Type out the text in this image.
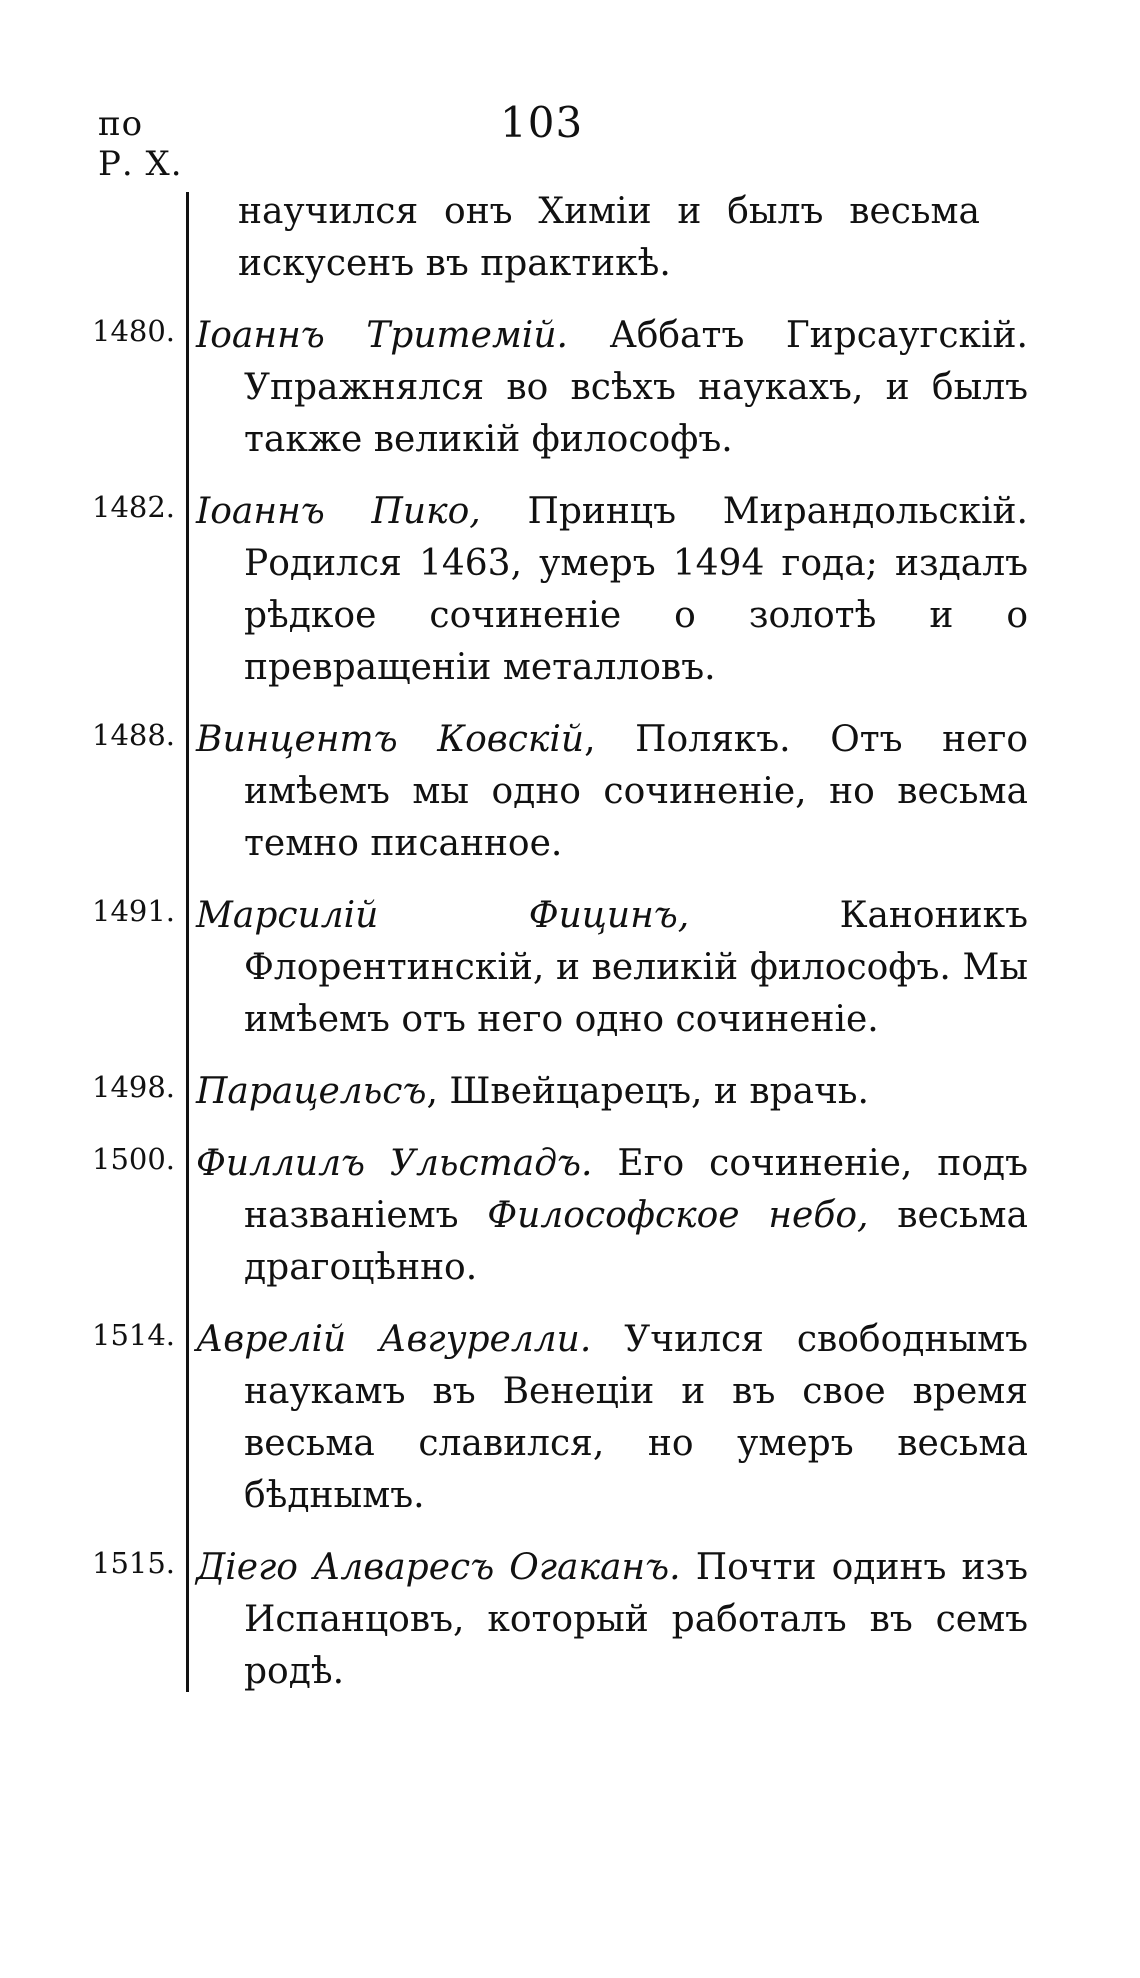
по
Р. Х.
103
научился онъ Химіи и былъ весьма искусенъ въ практикѣ.
1480. Іоаннъ Тритемій. Аббатъ Гирсаугскій. Упражнялся во всѣхъ наукахъ, и былъ также великій философъ.
1482. Іоаннъ Пико, Принцъ Мирандольскій. Родился 1463, умеръ 1494 года; издалъ рѣдкое сочиненіе о золотѣ и о превращеніи металловъ.
1488. Винцентъ Ковскій, Полякъ. Отъ него имѣемъ мы одно сочиненіе, но весьма темно писанное.
1491. Марсилій Фицинъ, Каноникъ Флорентинскій, и великій философъ. Мы имѣемъ отъ него одно сочиненіе.
1498. Парацельсъ, Швейцарецъ, и врачь.
1500. Филлилъ Ульстадъ. Его сочиненіе, подъ названіемъ Философское небо, весьма драгоцѣнно.
1514. Аврелій Авгурелли. Учился свободнымъ наукамъ въ Венеціи и въ свое время весьма славился, но умеръ весьма бѣднымъ.
1515. Діего Алваресъ Огаканъ. Почти одинъ изъ Испанцовъ, который работалъ въ семъ родѣ.
